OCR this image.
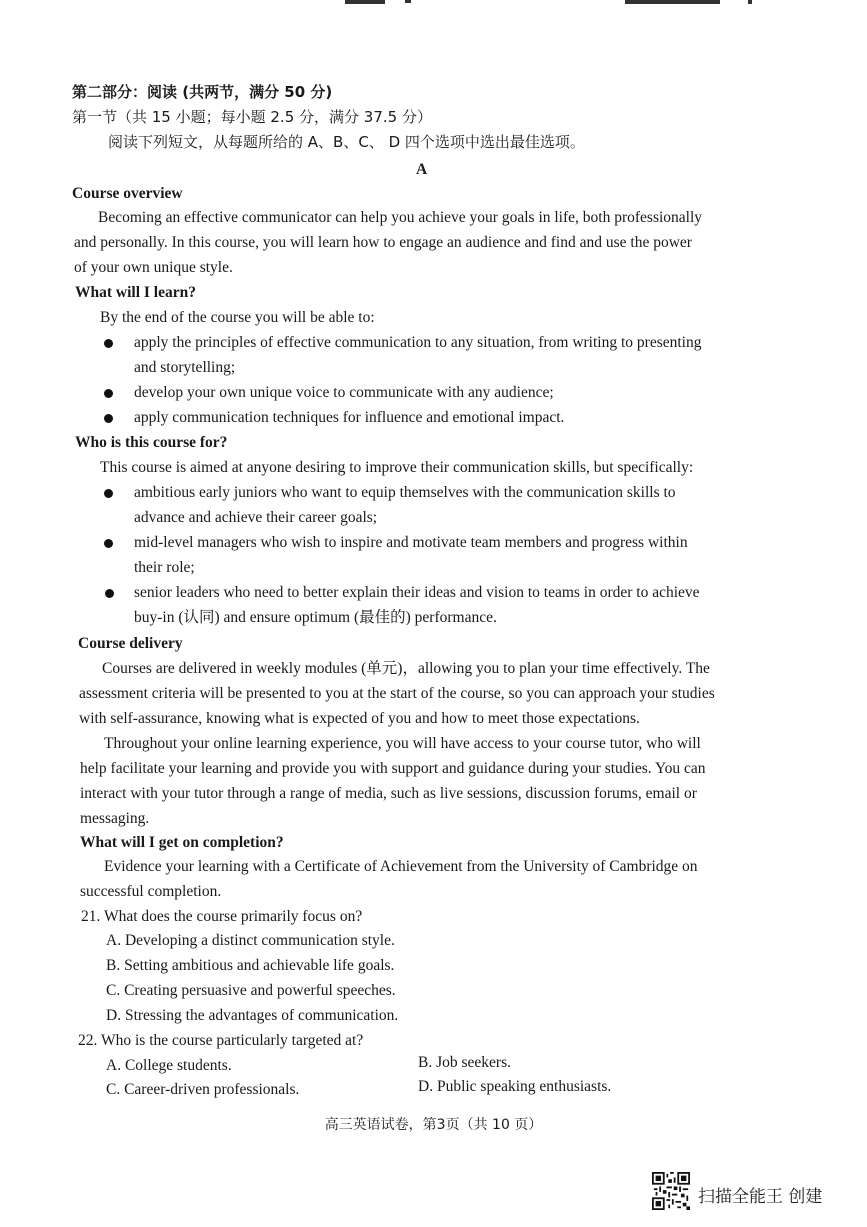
第二部分：阅读 (共两节，满分 50 分)
第一节（共 15 小题；每小题 2.5 分，满分 37.5 分）
阅读下列短文，从每题所给的 A、B、C、 D 四个选项中选出最佳选项。
A
Course overview
Becoming an effective communicator can help you achieve your goals in life, both professionally
and personally. In this course, you will learn how to engage an audience and find and use the power
of your own unique style.
What will I learn?
By the end of the course you will be able to:
apply the principles of effective communication to any situation, from writing to presenting
and storytelling;
develop your own unique voice to communicate with any audience;
apply communication techniques for influence and emotional impact.
Who is this course for?
This course is aimed at anyone desiring to improve their communication skills, but specifically:
ambitious early juniors who want to equip themselves with the communication skills to
advance and achieve their career goals;
mid-level managers who wish to inspire and motivate team members and progress within
their role;
senior leaders who need to better explain their ideas and vision to teams in order to achieve
buy-in (认同) and ensure optimum (最佳的) performance.
Course delivery
Courses are delivered in weekly modules (单元)，allowing you to plan your time effectively. The
assessment criteria will be presented to you at the start of the course, so you can approach your studies
with self-assurance, knowing what is expected of you and how to meet those expectations.
Throughout your online learning experience, you will have access to your course tutor, who will
help facilitate your learning and provide you with support and guidance during your studies. You can
interact with your tutor through a range of media, such as live sessions, discussion forums, email or
messaging.
What will I get on completion?
Evidence your learning with a Certificate of Achievement from the University of Cambridge on
successful completion.
21. What does the course primarily focus on?
A. Developing a distinct communication style.
B. Setting ambitious and achievable life goals.
C. Creating persuasive and powerful speeches.
D. Stressing the advantages of communication.
22. Who is the course particularly targeted at?
A. College students.	B. Job seekers.
C. Career-driven professionals.	D. Public speaking enthusiasts.
高三英语试卷，第3页（共 10 页）
扫描全能王 创建
